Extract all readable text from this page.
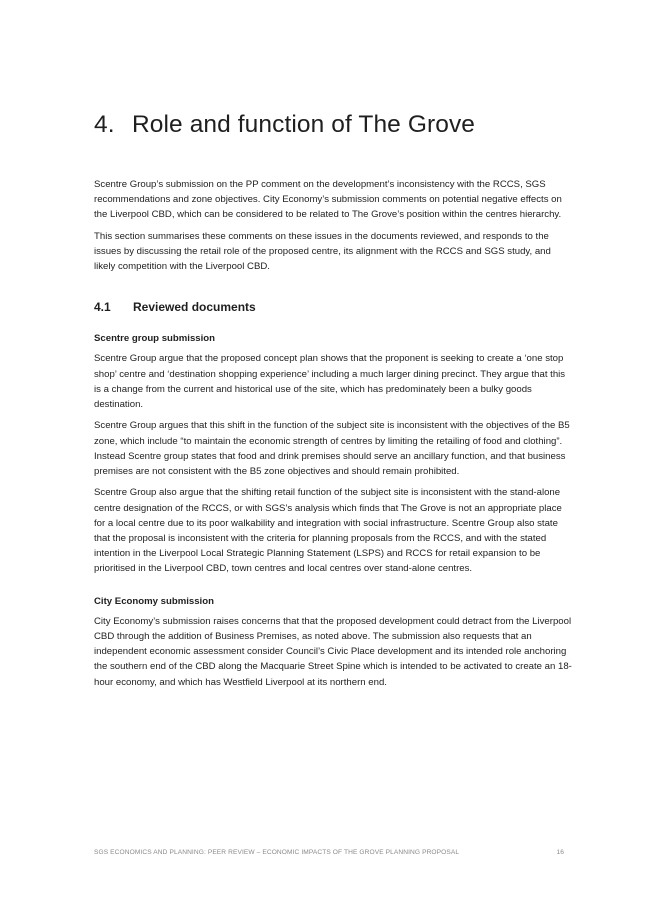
4. Role and function of The Grove

Scentre Group’s submission on the PP comment on the development’s inconsistency with the RCCS, SGS recommendations and zone objectives. City Economy’s submission comments on potential negative effects on the Liverpool CBD, which can be considered to be related to The Grove’s position within the centres hierarchy.

This section summarises these comments on these issues in the documents reviewed, and responds to the issues by discussing the retail role of the proposed centre, its alignment with the RCCS and SGS study, and likely competition with the Liverpool CBD.

4.1 Reviewed documents
Scentre group submission

Scentre Group argue that the proposed concept plan shows that the proponent is seeking to create a ‘one stop shop’ centre and ‘destination shopping experience’ including a much larger dining precinct. They argue that this is a change from the current and historical use of the site, which has predominately been a bulky goods destination.

Scentre Group argues that this shift in the function of the subject site is inconsistent with the objectives of the B5 zone, which include “to maintain the economic strength of centres by limiting the retailing of food and clothing”. Instead Scentre group states that food and drink premises should serve an ancillary function, and that business premises are not consistent with the B5 zone objectives and should remain prohibited.

Scentre Group also argue that the shifting retail function of the subject site is inconsistent with the stand-alone centre designation of the RCCS, or with SGS’s analysis which finds that The Grove is not an appropriate place for a local centre due to its poor walkability and integration with social infrastructure. Scentre Group also state that the proposal is inconsistent with the criteria for planning proposals from the RCCS, and with the stated intention in the Liverpool Local Strategic Planning Statement (LSPS) and RCCS for retail expansion to be prioritised in the Liverpool CBD, town centres and local centres over stand-alone centres.

City Economy submission

City Economy’s submission raises concerns that that the proposed development could detract from the Liverpool CBD through the addition of Business Premises, as noted above. The submission also requests that an independent economic assessment consider Council’s Civic Place development and its intended role anchoring the southern end of the CBD along the Macquarie Street Spine which is intended to be activated to create an 18-hour economy, and which has Westfield Liverpool at its northern end.

SGS ECONOMICS AND PLANNING: PEER REVIEW – ECONOMIC IMPACTS OF THE GROVE PLANNING PROPOSAL	16
